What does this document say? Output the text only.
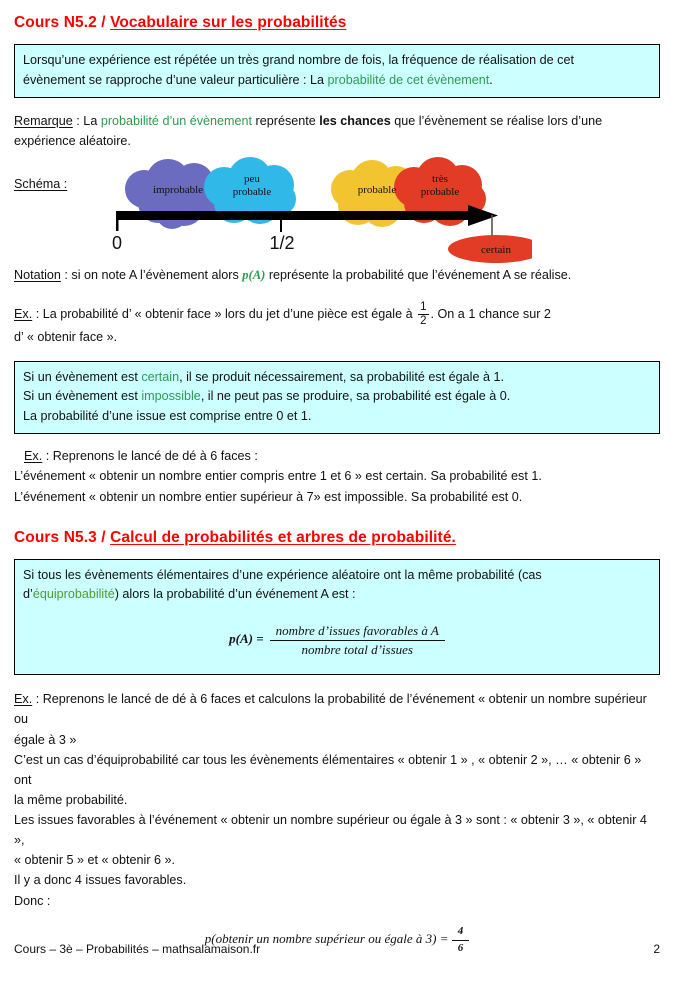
Cours N5.2 / Vocabulaire sur les probabilités
Lorsqu’une expérience est répétée un très grand nombre de fois, la fréquence de réalisation de cet
évènement se rapproche d’une valeur particulière : La probabilité de cet évènement.
Remarque : La probabilité d’un évènement représente les chances que l’évènement se réalise lors d’une expérience aléatoire.
Schéma :	improbable
peu
probable	probable
très
probable
certain
0	1/2
Notation : si on note A l’évènement alors p(A) représente la probabilité que l’événement A se réalise.
Ex. : La probabilité d’ « obtenir face » lors du jet d’une pièce est égale à $\frac{1}{2}$ . On a 1 chance sur 2
d’ « obtenir face ».
Si un évènement est certain, il se produit nécessairement, sa probabilité est égale à 1.
Si un évènement est impossible, il ne peut pas se produire, sa probabilité est égale à 0.
La probabilité d’une issue est comprise entre 0 et 1.
Ex. : Reprenons le lancé de dé à 6 faces :
L’événement « obtenir un nombre entier compris entre 1 et 6 » est certain. Sa probabilité est 1.
L’événement « obtenir un nombre entier supérieur à 7» est impossible. Sa probabilité est 0.
Cours N5.3 / Calcul de probabilités et arbres de probabilité.
Si tous les évènements élémentaires d’une expérience aléatoire ont la même probabilité (cas
d’équiprobabilité) alors la probabilité d’un événement A est :
$p(A) = \frac{\text{nombre d’issues favorables à A}}{\text{nombre total d’issues}}$
Ex. : Reprenons le lancé de dé à 6 faces et calculons la probabilité de l’événement « obtenir un nombre supérieur ou
égale à 3 »
C’est un cas d’équiprobabilité car tous les évènements élémentaires « obtenir 1 » , « obtenir 2 », … « obtenir 6 » ont
la même probabilité.
Les issues favorables à l’événement « obtenir un nombre supérieur ou égale à 3 » sont : « obtenir 3 », « obtenir 4 »,
« obtenir 5 » et « obtenir 6 ».
Il y a donc 4 issues favorables.
Donc :
p(obtenir un nombre supérieur ou égale à $3) = \frac{4}{6}$
Cours – 3è – Probabilités – mathsalamaison.fr	2
